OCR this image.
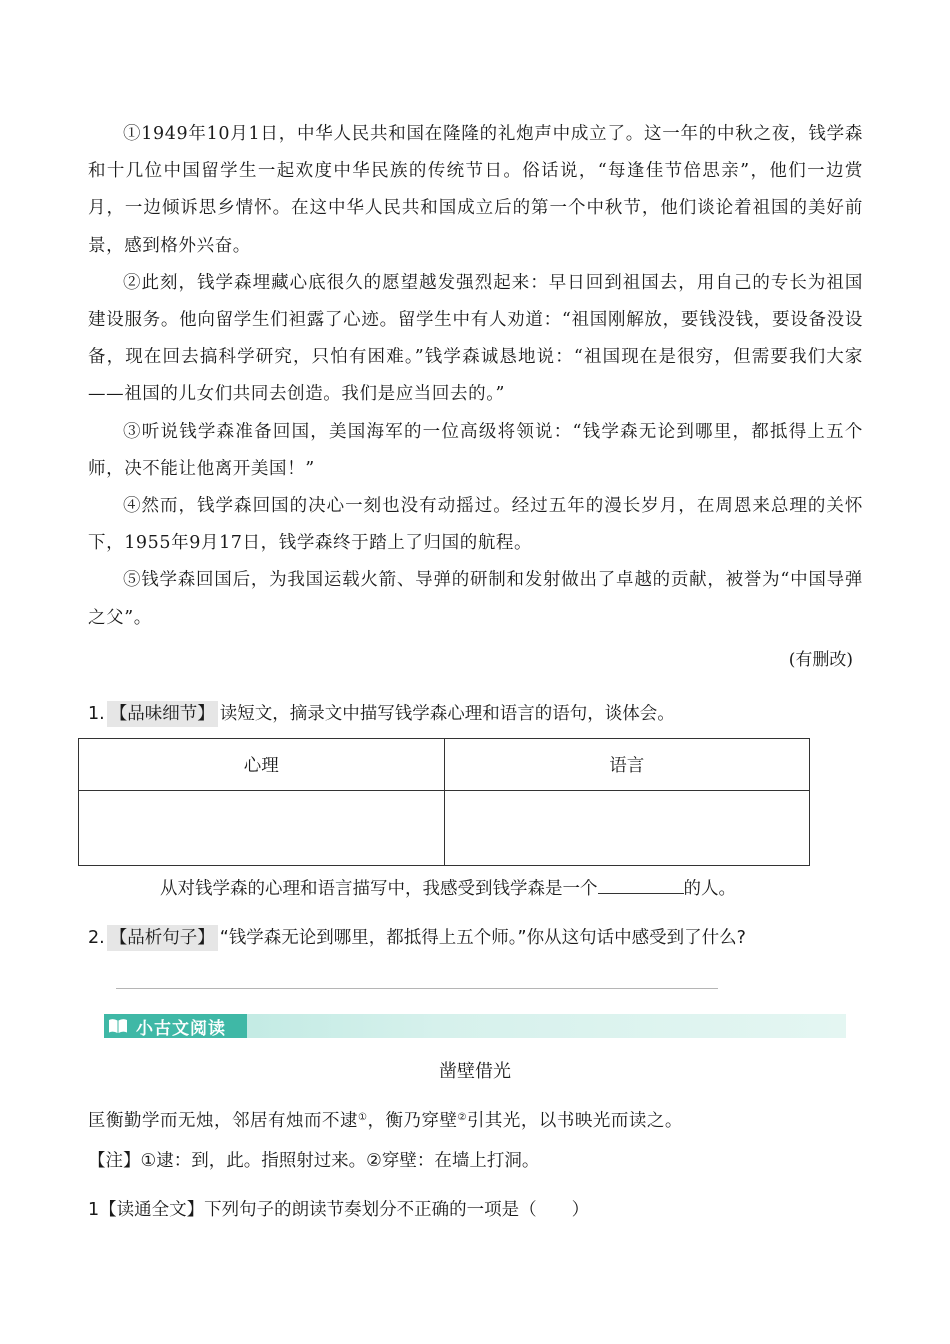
①1949年10月1日，中华人民共和国在隆隆的礼炮声中成立了。这一年的中秋之夜，钱学森和十几位中国留学生一起欢度中华民族的传统节日。俗话说，“每逢佳节倍思亲”，他们一边赏月，一边倾诉思乡情怀。在这中华人民共和国成立后的第一个中秋节，他们谈论着祖国的美好前景，感到格外兴奋。

②此刻，钱学森埋藏心底很久的愿望越发强烈起来：早日回到祖国去，用自己的专长为祖国建设服务。他向留学生们袒露了心迹。留学生中有人劝道：“祖国刚解放，要钱没钱，要设备没设备，现在回去搞科学研究，只怕有困难。”钱学森诚恳地说：“祖国现在是很穷，但需要我们大家——祖国的儿女们共同去创造。我们是应当回去的。”

③听说钱学森准备回国，美国海军的一位高级将领说：“钱学森无论到哪里，都抵得上五个师，决不能让他离开美国！”

④然而，钱学森回国的决心一刻也没有动摇过。经过五年的漫长岁月，在周恩来总理的关怀下，1955年9月17日，钱学森终于踏上了归国的航程。

⑤钱学森回国后，为我国运载火箭、导弹的研制和发射做出了卓越的贡献，被誉为“中国导弹之父”。

(有删改)
1. 【品味细节】 读短文，摘录文中描写钱学森心理和语言的语句，谈体会。
心理	语言

从对钱学森的心理和语言描写中，我感受到钱学森是一个	的人。
2. 【品析句子】 “钱学森无论到哪里，都抵得上五个师。”你从这句话中感受到了什么?
小古文阅读
凿壁借光
匡衡勤学而无烛，邻居有烛而不逮①，衡乃穿壁②引其光，以书映光而读之。
【注】①逮：到，此。指照射过来。②穿壁：在墙上打洞。
1【读通全文】下列句子的朗读节奏划分不正确的一项是（　　）
